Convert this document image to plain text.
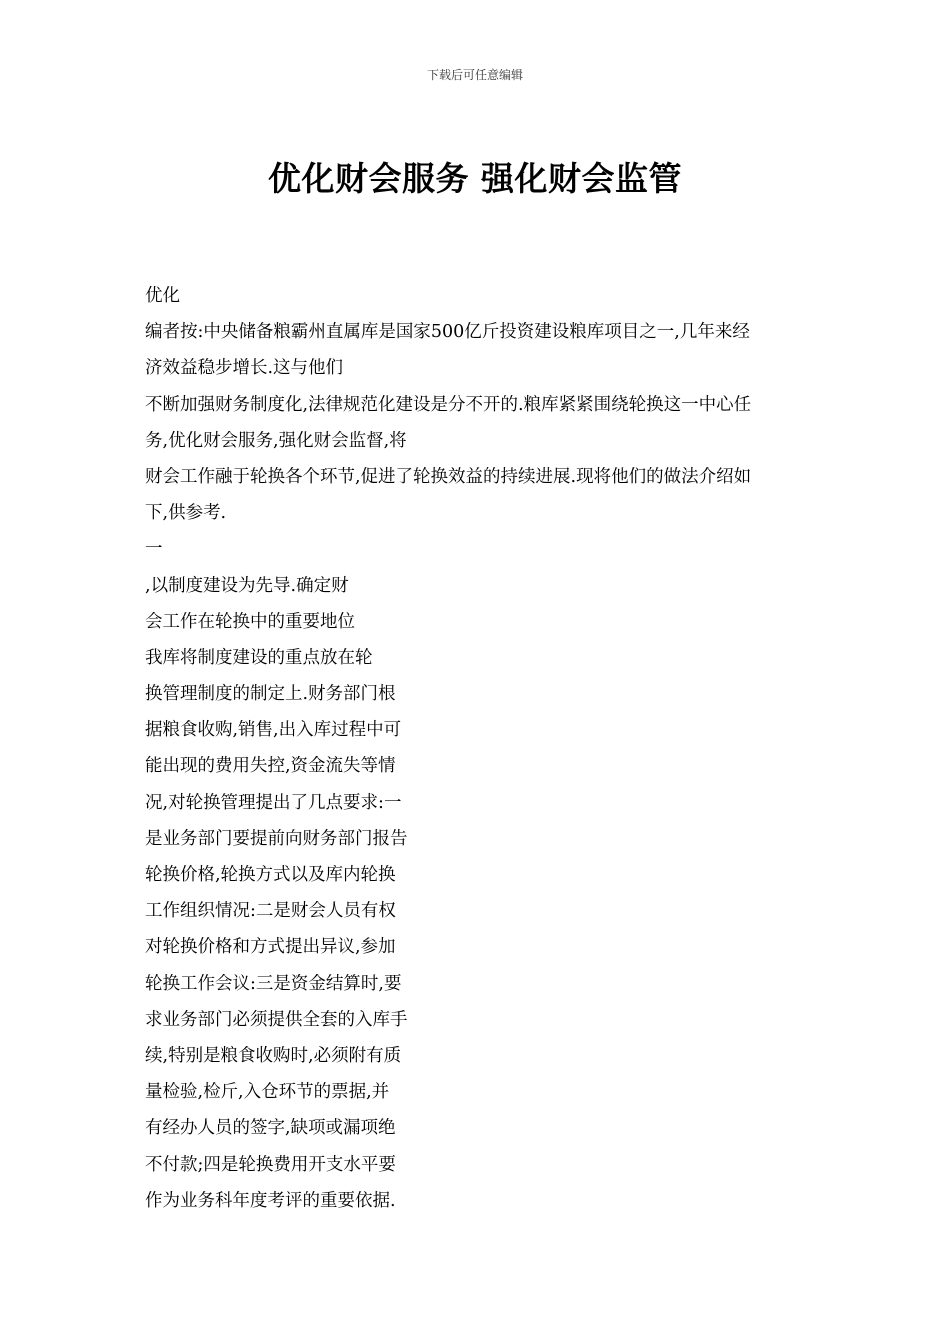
下载后可任意编辑
优化财会服务 强化财会监管
优化
编者按:中央储备粮霸州直属库是国家500亿斤投资建设粮库项目之一,几年来经
济效益稳步增长.这与他们
不断加强财务制度化,法律规范化建设是分不开的.粮库紧紧围绕轮换这一中心任
务,优化财会服务,强化财会监督,将
财会工作融于轮换各个环节,促进了轮换效益的持续进展.现将他们的做法介绍如
下,供参考.
一
,以制度建设为先导.确定财
会工作在轮换中的重要地位
我库将制度建设的重点放在轮
换管理制度的制定上.财务部门根
据粮食收购,销售,出入库过程中可
能出现的费用失控,资金流失等情
况,对轮换管理提出了几点要求:一
是业务部门要提前向财务部门报告
轮换价格,轮换方式以及库内轮换
工作组织情况:二是财会人员有权
对轮换价格和方式提出异议,参加
轮换工作会议:三是资金结算时,要
求业务部门必须提供全套的入库手
续,特别是粮食收购时,必须附有质
量检验,检斤,入仓环节的票据,并
有经办人员的签字,缺项或漏项绝
不付款;四是轮换费用开支水平要
作为业务科年度考评的重要依据.
